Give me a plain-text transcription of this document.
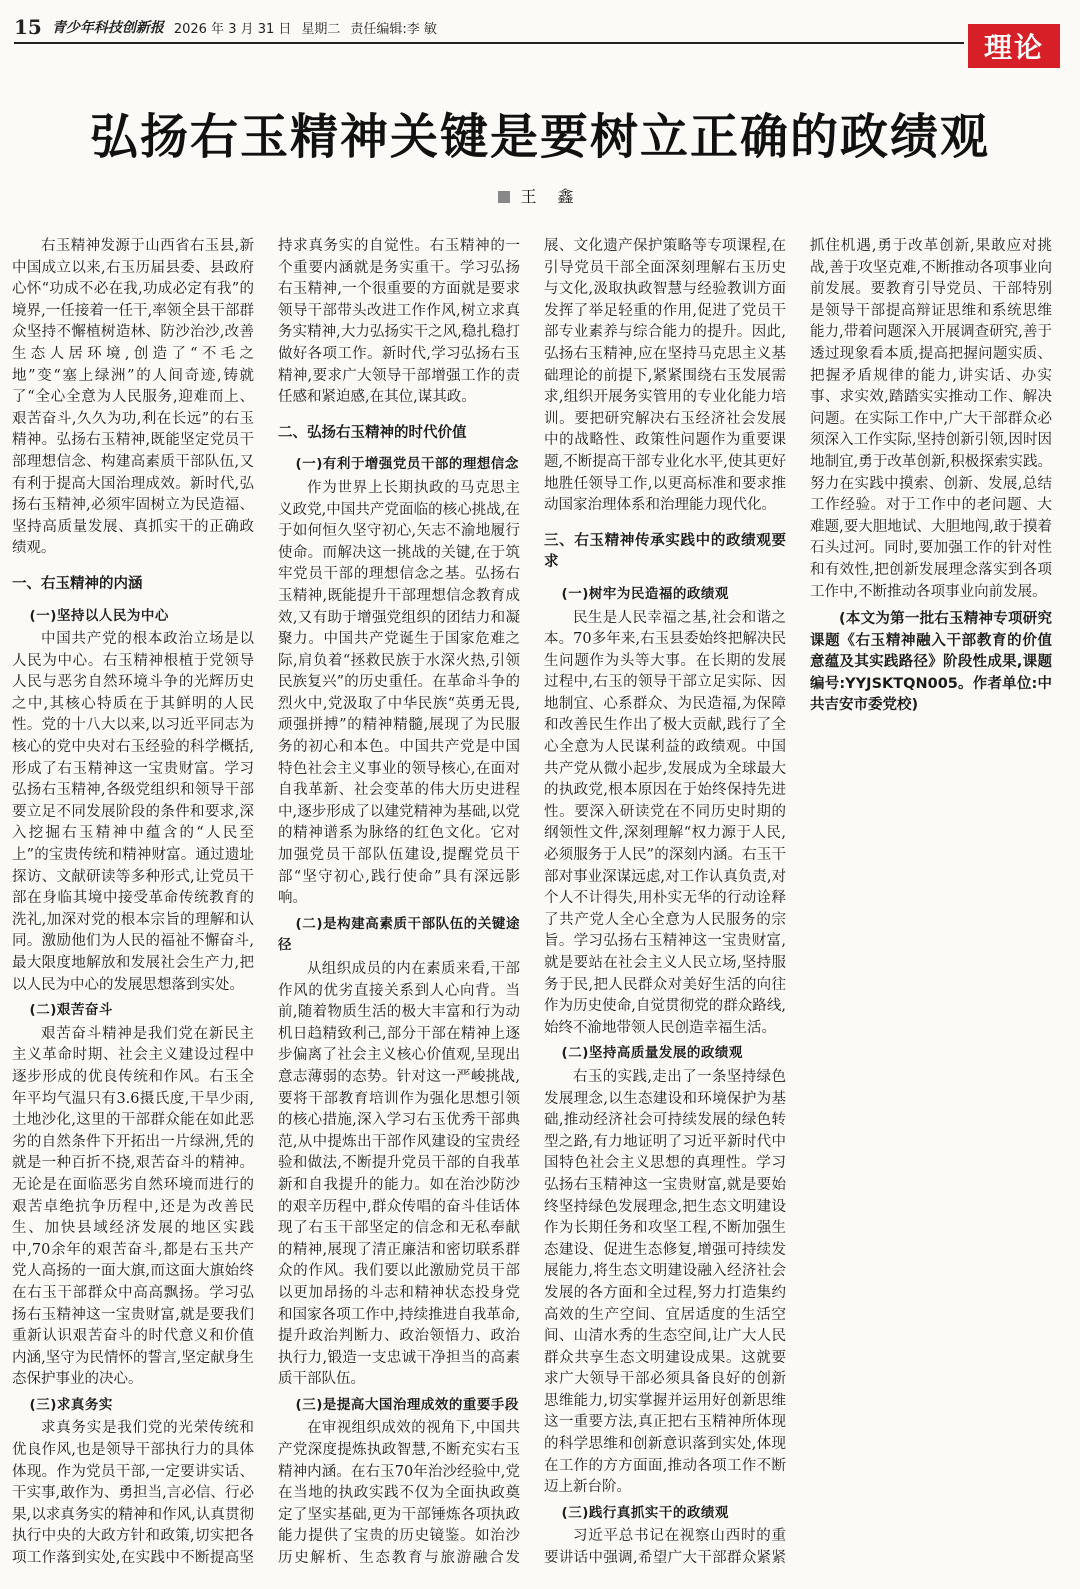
15 青少年科技创新报 2026 年 3 月 31 日 星期二 责任编辑:李 敏
理论
弘扬右玉精神关键是要树立正确的政绩观
王 鑫

右玉精神发源于山西省右玉县,新中国成立以来,右玉历届县委、县政府心怀“功成不必在我,功成必定有我”的境界,一任接着一任干,率领全县干部群众坚持不懈植树造林、防沙治沙,改善生态人居环境,创造了“不毛之地”变“塞上绿洲”的人间奇迹,铸就了“全心全意为人民服务,迎难而上、艰苦奋斗,久久为功,利在长远”的右玉精神。弘扬右玉精神,既能坚定党员干部理想信念、构建高素质干部队伍,又有利于提高大国治理成效。新时代,弘扬右玉精神,必须牢固树立为民造福、坚持高质量发展、真抓实干的正确政绩观。

一、右玉精神的内涵
(一)坚持以人民为中心

中国共产党的根本政治立场是以人民为中心。右玉精神根植于党领导人民与恶劣自然环境斗争的光辉历史之中,其核心特质在于其鲜明的人民性。党的十八大以来,以习近平同志为核心的党中央对右玉经验的科学概括,形成了右玉精神这一宝贵财富。学习弘扬右玉精神,各级党组织和领导干部要立足不同发展阶段的条件和要求,深入挖掘右玉精神中蕴含的“人民至上”的宝贵传统和精神财富。通过遗址探访、文献研读等多种形式,让党员干部在身临其境中接受革命传统教育的洗礼,加深对党的根本宗旨的理解和认同。激励他们为人民的福祉不懈奋斗,最大限度地解放和发展社会生产力,把以人民为中心的发展思想落到实处。

(二)艰苦奋斗

艰苦奋斗精神是我们党在新民主主义革命时期、社会主义建设过程中逐步形成的优良传统和作风。右玉全年平均气温只有3.6摄氏度,干旱少雨,土地沙化,这里的干部群众能在如此恶劣的自然条件下开拓出一片绿洲,凭的就是一种百折不挠,艰苦奋斗的精神。无论是在面临恶劣自然环境而进行的艰苦卓绝抗争历程中,还是为改善民生、加快县域经济发展的地区实践中,70余年的艰苦奋斗,都是右玉共产党人高扬的一面大旗,而这面大旗始终在右玉干部群众中高高飘扬。学习弘扬右玉精神这一宝贵财富,就是要我们重新认识艰苦奋斗的时代意义和价值内涵,坚守为民情怀的誓言,坚定献身生态保护事业的决心。

(三)求真务实

求真务实是我们党的光荣传统和优良作风,也是领导干部执行力的具体体现。作为党员干部,一定要讲实话、干实事,敢作为、勇担当,言必信、行必果,以求真务实的精神和作风,认真贯彻执行中央的大政方针和政策,切实把各项工作落到实处,在实践中不断提高坚持求真务实的自觉性。右玉精神的一个重要内涵就是务实重干。学习弘扬右玉精神,一个很重要的方面就是要求领导干部带头改进工作作风,树立求真务实精神,大力弘扬实干之风,稳扎稳打做好各项工作。新时代,学习弘扬右玉精神,要求广大领导干部增强工作的责任感和紧迫感,在其位,谋其政。

二、弘扬右玉精神的时代价值
(一)有利于增强党员干部的理想信念

作为世界上长期执政的马克思主义政党,中国共产党面临的核心挑战,在于如何恒久坚守初心,矢志不渝地履行使命。而解决这一挑战的关键,在于筑牢党员干部的理想信念之基。弘扬右玉精神,既能提升干部理想信念教育成效,又有助于增强党组织的团结力和凝聚力。中国共产党诞生于国家危难之际,肩负着“拯救民族于水深火热,引领民族复兴”的历史重任。在革命斗争的烈火中,党汲取了中华民族“英勇无畏,顽强拼搏”的精神精髓,展现了为民服务的初心和本色。中国共产党是中国特色社会主义事业的领导核心,在面对自我革新、社会变革的伟大历史进程中,逐步形成了以建党精神为基础,以党的精神谱系为脉络的红色文化。它对加强党员干部队伍建设,提醒党员干部“坚守初心,践行使命”具有深远影响。

(二)是构建高素质干部队伍的关键途径

从组织成员的内在素质来看,干部作风的优劣直接关系到人心向背。当前,随着物质生活的极大丰富和行为动机日趋精致利己,部分干部在精神上逐步偏离了社会主义核心价值观,呈现出意志薄弱的态势。针对这一严峻挑战,要将干部教育培训作为强化思想引领的核心措施,深入学习右玉优秀干部典范,从中提炼出干部作风建设的宝贵经验和做法,不断提升党员干部的自我革新和自我提升的能力。如在治沙防沙的艰辛历程中,群众传唱的奋斗佳话体现了右玉干部坚定的信念和无私奉献的精神,展现了清正廉洁和密切联系群众的作风。我们要以此激励党员干部以更加昂扬的斗志和精神状态投身党和国家各项工作中,持续推进自我革命,提升政治判断力、政治领悟力、政治执行力,锻造一支忠诚干净担当的高素质干部队伍。

(三)是提高大国治理成效的重要手段

在审视组织成效的视角下,中国共产党深度提炼执政智慧,不断充实右玉精神内涵。在右玉70年治沙经验中,党在当地的执政实践不仅为全面执政奠定了坚实基础,更为干部锤炼各项执政能力提供了宝贵的历史镜鉴。如治沙历史解析、生态教育与旅游融合发展、文化遗产保护策略等专项课程,在引导党员干部全面深刻理解右玉历史与文化,汲取执政智慧与经验教训方面发挥了举足轻重的作用,促进了党员干部专业素养与综合能力的提升。因此,弘扬右玉精神,应在坚持马克思主义基础理论的前提下,紧紧围绕右玉发展需求,组织开展务实管用的专业化能力培训。要把研究解决右玉经济社会发展中的战略性、政策性问题作为重要课题,不断提高干部专业化水平,使其更好地胜任领导工作,以更高标准和要求推动国家治理体系和治理能力现代化。

三、右玉精神传承实践中的政绩观要求
(一)树牢为民造福的政绩观

民生是人民幸福之基,社会和谐之本。70多年来,右玉县委始终把解决民生问题作为头等大事。在长期的发展过程中,右玉的领导干部立足实际、因地制宜、心系群众、为民造福,为保障和改善民生作出了极大贡献,践行了全心全意为人民谋利益的政绩观。中国共产党从微小起步,发展成为全球最大的执政党,根本原因在于始终保持先进性。要深入研读党在不同历史时期的纲领性文件,深刻理解“权力源于人民,必须服务于人民”的深刻内涵。右玉干部对事业深谋远虑,对工作认真负责,对个人不计得失,用朴实无华的行动诠释了共产党人全心全意为人民服务的宗旨。学习弘扬右玉精神这一宝贵财富,就是要站在社会主义人民立场,坚持服务于民,把人民群众对美好生活的向往作为历史使命,自觉贯彻党的群众路线,始终不渝地带领人民创造幸福生活。

(二)坚持高质量发展的政绩观

右玉的实践,走出了一条坚持绿色发展理念,以生态建设和环境保护为基础,推动经济社会可持续发展的绿色转型之路,有力地证明了习近平新时代中国特色社会主义思想的真理性。学习弘扬右玉精神这一宝贵财富,就是要始终坚持绿色发展理念,把生态文明建设作为长期任务和攻坚工程,不断加强生态建设、促进生态修复,增强可持续发展能力,将生态文明建设融入经济社会发展的各方面和全过程,努力打造集约高效的生产空间、宜居适度的生活空间、山清水秀的生态空间,让广大人民群众共享生态文明建设成果。这就要求广大领导干部必须具备良好的创新思维能力,切实掌握并运用好创新思维这一重要方法,真正把右玉精神所体现的科学思维和创新意识落到实处,体现在工作的方方面面,推动各项工作不断迈上新台阶。

(三)践行真抓实干的政绩观

习近平总书记在视察山西时的重要讲话中强调,希望广大干部群众紧紧抓住机遇,勇于改革创新,果敢应对挑战,善于攻坚克难,不断推动各项事业向前发展。要教育引导党员、干部特别是领导干部提高辩证思维和系统思维能力,带着问题深入开展调查研究,善于透过现象看本质,提高把握问题实质、把握矛盾规律的能力,讲实话、办实事、求实效,踏踏实实推动工作、解决问题。在实际工作中,广大干部群众必须深入工作实际,坚持创新引领,因时因地制宜,勇于改革创新,积极探索实践。努力在实践中摸索、创新、发展,总结工作经验。对于工作中的老问题、大难题,要大胆地试、大胆地闯,敢于摸着石头过河。同时,要加强工作的针对性和有效性,把创新发展理念落实到各项工作中,不断推动各项事业向前发展。

(本文为第一批右玉精神专项研究课题《右玉精神融入干部教育的价值意蕴及其实践路径》阶段性成果,课题编号:YYJSKTQN005。作者单位:中共吉安市委党校)
